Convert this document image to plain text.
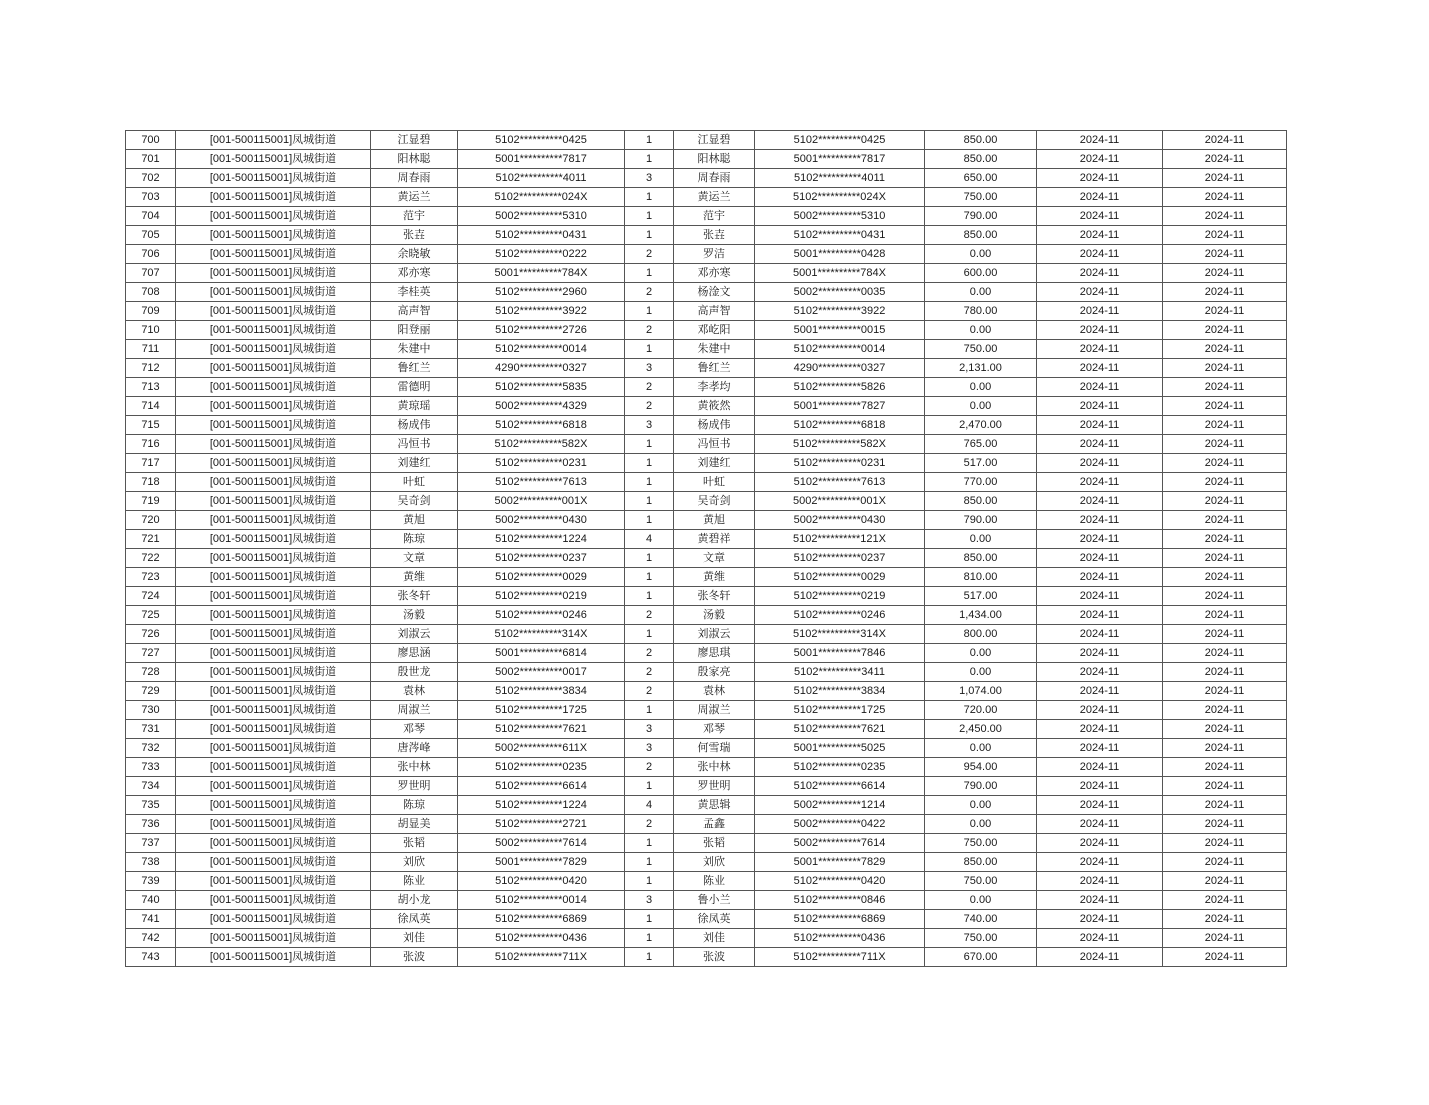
700	[001-500115001]凤城街道	江显碧	5102**********0425	1	江显碧	5102**********0425	850.00	2024-11	2024-11
701	[001-500115001]凤城街道	阳林聪	5001**********7817	1	阳林聪	5001**********7817	850.00	2024-11	2024-11
702	[001-500115001]凤城街道	周春雨	5102**********4011	3	周春雨	5102**********4011	650.00	2024-11	2024-11
703	[001-500115001]凤城街道	黄运兰	5102**********024X	1	黄运兰	5102**********024X	750.00	2024-11	2024-11
704	[001-500115001]凤城街道	范宇	5002**********5310	1	范宇	5002**********5310	790.00	2024-11	2024-11
705	[001-500115001]凤城街道	张壵	5102**********0431	1	张壵	5102**********0431	850.00	2024-11	2024-11
706	[001-500115001]凤城街道	余晓敏	5102**********0222	2	罗洁	5001**********0428	0.00	2024-11	2024-11
707	[001-500115001]凤城街道	邓亦寒	5001**********784X	1	邓亦寒	5001**********784X	600.00	2024-11	2024-11
708	[001-500115001]凤城街道	李桂英	5102**********2960	2	杨淦文	5002**********0035	0.00	2024-11	2024-11
709	[001-500115001]凤城街道	高声智	5102**********3922	1	高声智	5102**********3922	780.00	2024-11	2024-11
710	[001-500115001]凤城街道	阳登丽	5102**********2726	2	邓屹阳	5001**********0015	0.00	2024-11	2024-11
711	[001-500115001]凤城街道	朱建中	5102**********0014	1	朱建中	5102**********0014	750.00	2024-11	2024-11
712	[001-500115001]凤城街道	鲁红兰	4290**********0327	3	鲁红兰	4290**********0327	2,131.00	2024-11	2024-11
713	[001-500115001]凤城街道	雷德明	5102**********5835	2	李孝均	5102**********5826	0.00	2024-11	2024-11
714	[001-500115001]凤城街道	黄琼瑶	5002**********4329	2	黄筱然	5001**********7827	0.00	2024-11	2024-11
715	[001-500115001]凤城街道	杨成伟	5102**********6818	3	杨成伟	5102**********6818	2,470.00	2024-11	2024-11
716	[001-500115001]凤城街道	冯恒书	5102**********582X	1	冯恒书	5102**********582X	765.00	2024-11	2024-11
717	[001-500115001]凤城街道	刘建红	5102**********0231	1	刘建红	5102**********0231	517.00	2024-11	2024-11
718	[001-500115001]凤城街道	叶虹	5102**********7613	1	叶虹	5102**********7613	770.00	2024-11	2024-11
719	[001-500115001]凤城街道	吴奇剑	5002**********001X	1	吴奇剑	5002**********001X	850.00	2024-11	2024-11
720	[001-500115001]凤城街道	黄旭	5002**********0430	1	黄旭	5002**********0430	790.00	2024-11	2024-11
721	[001-500115001]凤城街道	陈琼	5102**********1224	4	黄碧祥	5102**********121X	0.00	2024-11	2024-11
722	[001-500115001]凤城街道	文章	5102**********0237	1	文章	5102**********0237	850.00	2024-11	2024-11
723	[001-500115001]凤城街道	黄维	5102**********0029	1	黄维	5102**********0029	810.00	2024-11	2024-11
724	[001-500115001]凤城街道	张冬轩	5102**********0219	1	张冬轩	5102**********0219	517.00	2024-11	2024-11
725	[001-500115001]凤城街道	汤毅	5102**********0246	2	汤毅	5102**********0246	1,434.00	2024-11	2024-11
726	[001-500115001]凤城街道	刘淑云	5102**********314X	1	刘淑云	5102**********314X	800.00	2024-11	2024-11
727	[001-500115001]凤城街道	廖思涵	5001**********6814	2	廖思琪	5001**********7846	0.00	2024-11	2024-11
728	[001-500115001]凤城街道	殷世龙	5002**********0017	2	殷家亮	5102**********3411	0.00	2024-11	2024-11
729	[001-500115001]凤城街道	袁林	5102**********3834	2	袁林	5102**********3834	1,074.00	2024-11	2024-11
730	[001-500115001]凤城街道	周淑兰	5102**********1725	1	周淑兰	5102**********1725	720.00	2024-11	2024-11
731	[001-500115001]凤城街道	邓琴	5102**********7621	3	邓琴	5102**********7621	2,450.00	2024-11	2024-11
732	[001-500115001]凤城街道	唐涔峰	5002**********611X	3	何雪瑞	5001**********5025	0.00	2024-11	2024-11
733	[001-500115001]凤城街道	张中林	5102**********0235	2	张中林	5102**********0235	954.00	2024-11	2024-11
734	[001-500115001]凤城街道	罗世明	5102**********6614	1	罗世明	5102**********6614	790.00	2024-11	2024-11
735	[001-500115001]凤城街道	陈琼	5102**********1224	4	黄思辑	5002**********1214	0.00	2024-11	2024-11
736	[001-500115001]凤城街道	胡显美	5102**********2721	2	孟鑫	5002**********0422	0.00	2024-11	2024-11
737	[001-500115001]凤城街道	张韬	5002**********7614	1	张韬	5002**********7614	750.00	2024-11	2024-11
738	[001-500115001]凤城街道	刘欣	5001**********7829	1	刘欣	5001**********7829	850.00	2024-11	2024-11
739	[001-500115001]凤城街道	陈业	5102**********0420	1	陈业	5102**********0420	750.00	2024-11	2024-11
740	[001-500115001]凤城街道	胡小龙	5102**********0014	3	鲁小兰	5102**********0846	0.00	2024-11	2024-11
741	[001-500115001]凤城街道	徐凤英	5102**********6869	1	徐凤英	5102**********6869	740.00	2024-11	2024-11
742	[001-500115001]凤城街道	刘佳	5102**********0436	1	刘佳	5102**********0436	750.00	2024-11	2024-11
743	[001-500115001]凤城街道	张波	5102**********711X	1	张波	5102**********711X	670.00	2024-11	2024-11
